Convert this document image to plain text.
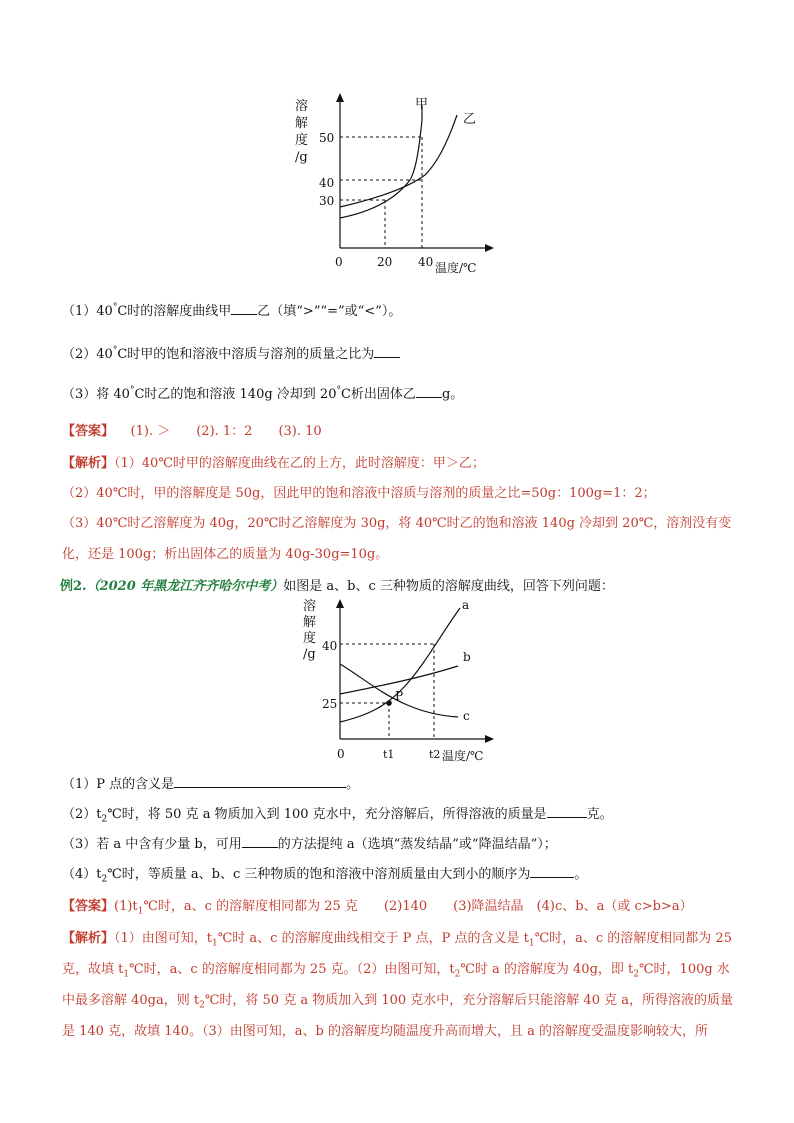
溶
解
度
/g
50
40
30
0	20 40 温度/℃
甲
乙
（1）40°C时的溶解度曲线甲 乙（填“>”“=”或“<”）。
（2）40°C时甲的饱和溶液中溶质与溶剂的质量之比为
（3）将 40°C时乙的饱和溶液 140g 冷却到 20°C析出固体乙 g。
【答案】 (1). ＞　　(2). 1：2　　(3). 10
【解析】（1）40℃时甲的溶解度曲线在乙的上方，此时溶解度：甲＞乙；
（2）40℃时，甲的溶解度是 50g，因此甲的饱和溶液中溶质与溶剂的质量之比=50g：100g=1：2；
（3）40℃时乙溶解度为 40g，20℃时乙溶解度为 30g，将 40℃时乙的饱和溶液 140g 冷却到 20℃，溶剂没有变
化，还是 100g；析出固体乙的质量为 40g-30g=10g。
例2.（2020 年黑龙江齐齐哈尔中考）如图是 a、b、c 三种物质的溶解度曲线，回答下列问题：
溶
解
度
/g
40
25
0	t1	t2 温度/℃
P
a
b
c
（1）P 点的含义是	。
$(2)t_2℃$时，将 50 克 a 物质加入到 100 克水中，充分溶解后，所得溶液的质量是	克。
（3）若 a 中含有少量 b，可用	的方法提纯 a（选填“蒸发结晶”或“降温结晶”）；
$(4)t_2℃$时，等质量 a、b、c 三种物质的饱和溶液中溶剂质量由大到小的顺序为	。
【答案】$(1)t_1℃$时，a、c 的溶解度相同都为 25 克　　(2)140　　(3)降温结晶　(4)c、b、a（或 c>b>a）
【解析】（1）由图可知，$t_1℃$时 a、c 的溶解度曲线相交于 P 点，P 点的含义是 $t_1℃$时，a、c 的溶解度相同都为 25
克，故填 $t_1℃$时，a、c 的溶解度相同都为 25 克。（2）由图可知，$t_2℃$时 a 的溶解度为 40g，即 $t_2℃$时，100g 水
中最多溶解 40ga，则 $t_2℃$时，将 50 克 a 物质加入到 100 克水中，充分溶解后只能溶解 40 克 a，所得溶液的质量
是 140 克，故填 140。（3）由图可知，a、b 的溶解度均随温度升高而增大，且 a 的溶解度受温度影响较大，所
